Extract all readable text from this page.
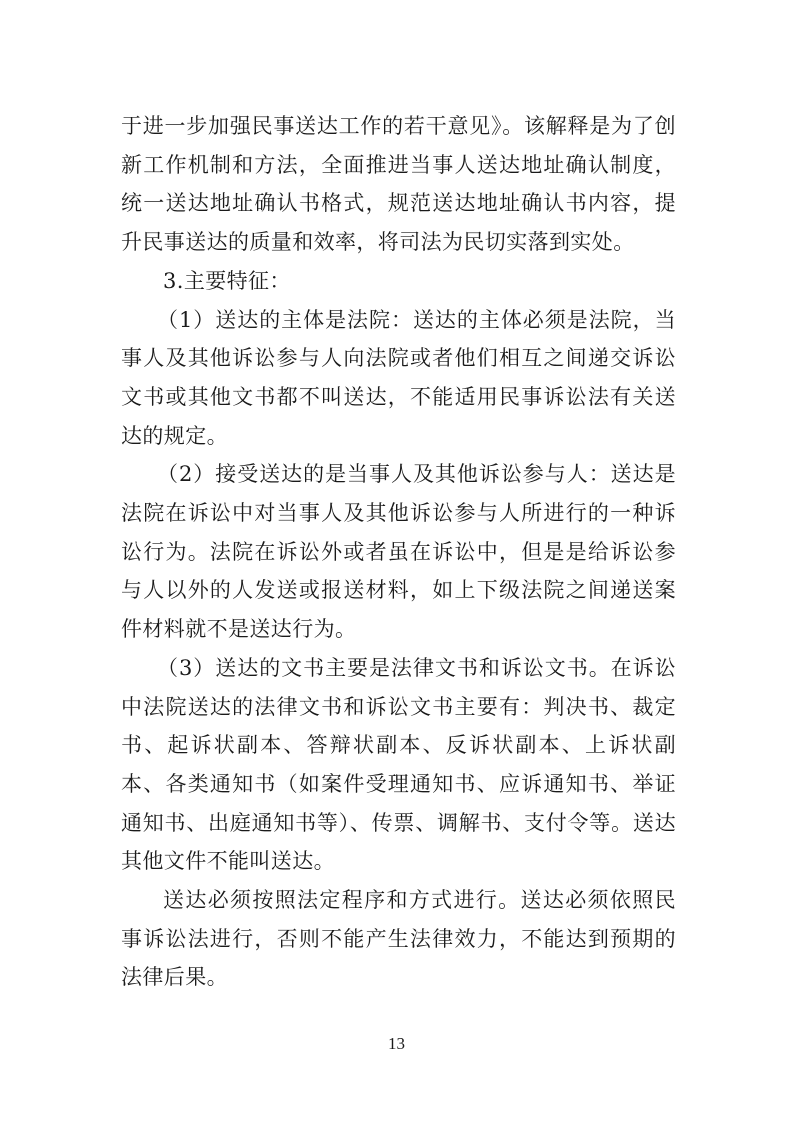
于进一步加强民事送达工作的若干意见》。该解释是为了创新工作机制和方法，全面推进当事人送达地址确认制度，统一送达地址确认书格式，规范送达地址确认书内容，提升民事送达的质量和效率，将司法为民切实落到实处。

3.主要特征：

（1）送达的主体是法院：送达的主体必须是法院，当事人及其他诉讼参与人向法院或者他们相互之间递交诉讼文书或其他文书都不叫送达，不能适用民事诉讼法有关送达的规定。

（2）接受送达的是当事人及其他诉讼参与人：送达是法院在诉讼中对当事人及其他诉讼参与人所进行的一种诉讼行为。法院在诉讼外或者虽在诉讼中，但是是给诉讼参与人以外的人发送或报送材料，如上下级法院之间递送案件材料就不是送达行为。

（3）送达的文书主要是法律文书和诉讼文书。在诉讼中法院送达的法律文书和诉讼文书主要有：判决书、裁定书、起诉状副本、答辩状副本、反诉状副本、上诉状副本、各类通知书（如案件受理通知书、应诉通知书、举证通知书、出庭通知书等）、传票、调解书、支付令等。送达其他文件不能叫送达。

送达必须按照法定程序和方式进行。送达必须依照民事诉讼法进行，否则不能产生法律效力，不能达到预期的法律后果。

13
